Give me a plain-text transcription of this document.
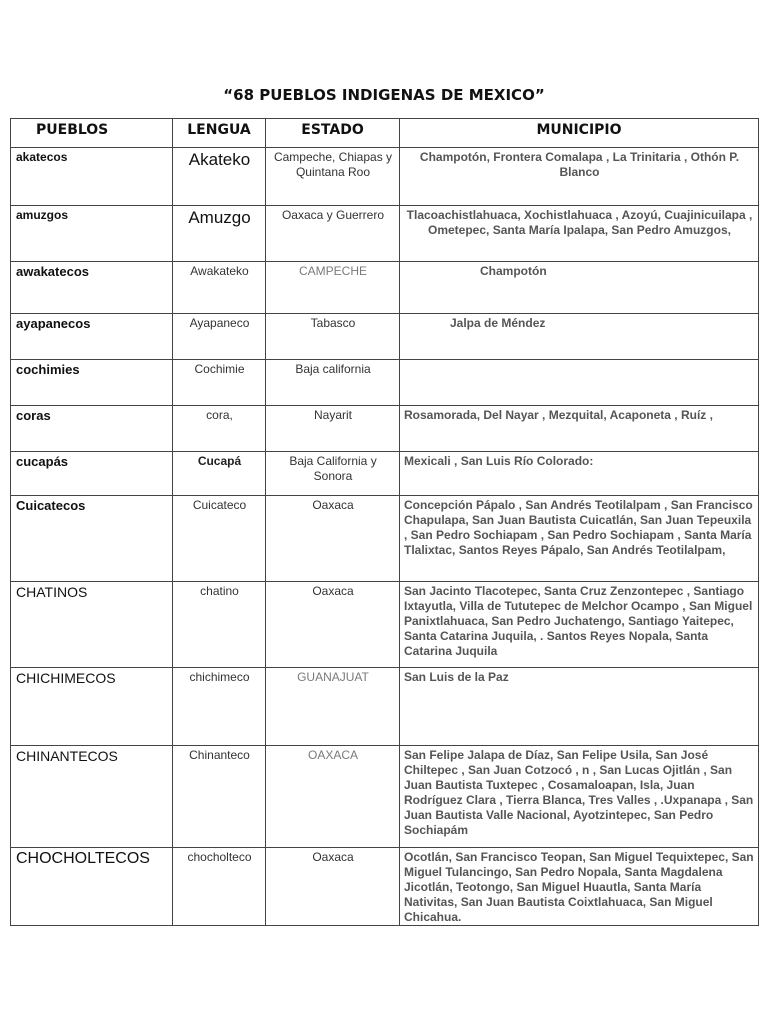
“68 PUEBLOS INDIGENAS DE MEXICO”
PUEBLOS	LENGUA	ESTADO	MUNICIPIO
akatecos	Akateko	Campeche, Chiapas y Quintana Roo	Champotón, Frontera Comalapa , La Trinitaria , Othón P. Blanco
amuzgos	Amuzgo	Oaxaca y Guerrero	Tlacoachistlahuaca, Xochistlahuaca , Azoyú, Cuajinicuilapa , Ometepec, Santa María Ipalapa, San Pedro Amuzgos,
awakatecos	Awakateko	CAMPECHE	Champotón
ayapanecos	Ayapaneco	Tabasco	Jalpa de Méndez
cochimies	Cochimie	Baja california	
coras	cora,	Nayarit	Rosamorada, Del Nayar , Mezquital, Acaponeta , Ruíz ,
cucapás	Cucapá	Baja California y Sonora	Mexicali , San Luis Río Colorado:
Cuicatecos	Cuicateco	Oaxaca	Concepción Pápalo , San Andrés Teotilalpam , San Francisco Chapulapa, San Juan Bautista Cuicatlán, San Juan Tepeuxila , San Pedro Sochiapam , San Pedro Sochiapam , Santa María Tlalixtac, Santos Reyes Pápalo, San Andrés Teotilalpam,
CHATINOS	chatino	Oaxaca	San Jacinto Tlacotepec, Santa Cruz Zenzontepec , Santiago Ixtayutla, Villa de Tututepec de Melchor Ocampo , San Miguel Panixtlahuaca, San Pedro Juchatengo, Santiago Yaitepec, Santa Catarina Juquila, . Santos Reyes Nopala, Santa Catarina Juquila
CHICHIMECOS	chichimeco	GUANAJUAT	San Luis de la Paz
CHINANTECOS	Chinanteco	OAXACA	San Felipe Jalapa de Díaz, San Felipe Usila, San José Chiltepec , San Juan Cotzocó , n , San Lucas Ojitlán , San Juan Bautista Tuxtepec , Cosamaloapan, Isla, Juan Rodríguez Clara , Tierra Blanca, Tres Valles , .Uxpanapa , San Juan Bautista Valle Nacional, Ayotzintepec, San Pedro Sochiapám
CHOCHOLTECOS	chocholteco	Oaxaca	Ocotlán, San Francisco Teopan, San Miguel Tequixtepec, San Miguel Tulancingo, San Pedro Nopala, Santa Magdalena Jicotlán, Teotongo, San Miguel Huautla, Santa María Nativitas, San Juan Bautista Coixtlahuaca, San Miguel Chicahua.
